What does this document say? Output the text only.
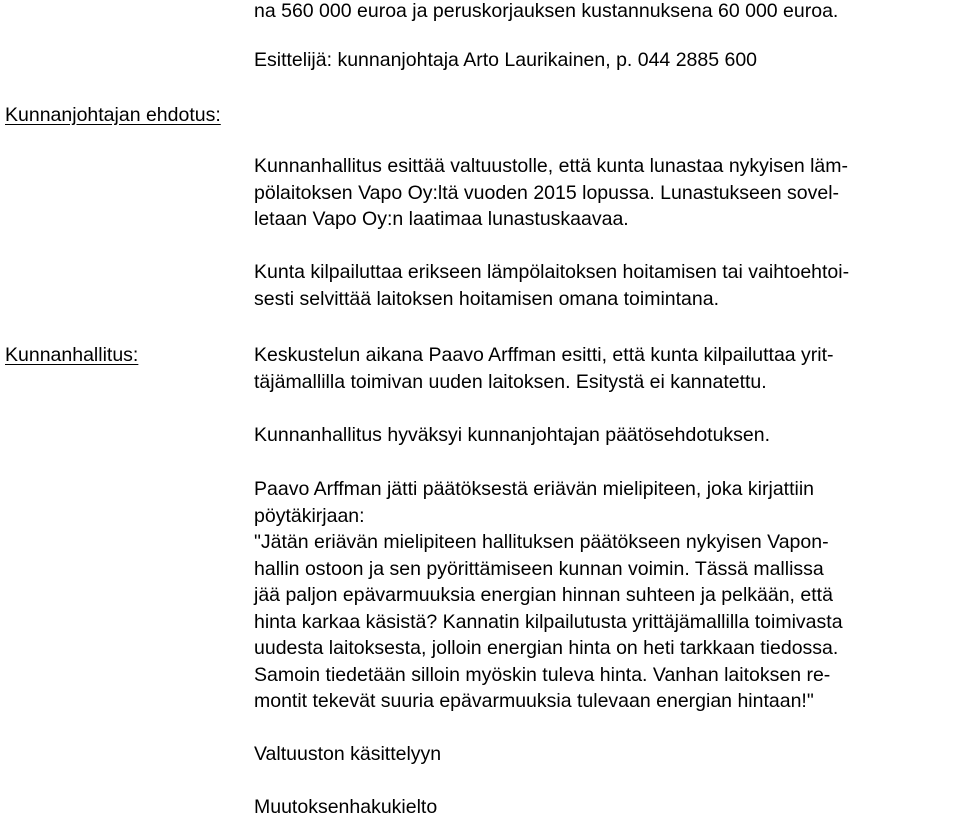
na 560 000 euroa ja peruskorjauksen kustannuksena 60 000 euroa.
Esittelijä: kunnanjohtaja Arto Laurikainen, p. 044 2885 600
Kunnanjohtajan ehdotus:
Kunnanhallitus esittää valtuustolle, että kunta lunastaa nykyisen läm-
pölaitoksen Vapo Oy:ltä vuoden 2015 lopussa. Lunastukseen sovel-
letaan Vapo Oy:n laatimaa lunastuskaavaa.
Kunta kilpailuttaa erikseen lämpölaitoksen hoitamisen tai vaihtoehtoi-
sesti selvittää laitoksen hoitamisen omana toimintana.
Kunnanhallitus:	Keskustelun aikana Paavo Arffman esitti, että kunta kilpailuttaa yrit-
täjämallilla toimivan uuden laitoksen. Esitystä ei kannatettu.
Kunnanhallitus hyväksyi kunnanjohtajan päätösehdotuksen.
Paavo Arffman jätti päätöksestä eriävän mielipiteen, joka kirjattiin
pöytäkirjaan:
"Jätän eriävän mielipiteen hallituksen päätökseen nykyisen Vapon-
hallin ostoon ja sen pyörittämiseen kunnan voimin. Tässä mallissa
jää paljon epävarmuuksia energian hinnan suhteen ja pelkään, että
hinta karkaa käsistä? Kannatin kilpailutusta yrittäjämallilla toimivasta
uudesta laitoksesta, jolloin energian hinta on heti tarkkaan tiedossa.
Samoin tiedetään silloin myöskin tuleva hinta. Vanhan laitoksen re-
montit tekevät suuria epävarmuuksia tulevaan energian hintaan!"
Valtuuston käsittelyyn
Muutoksenhakukielto
